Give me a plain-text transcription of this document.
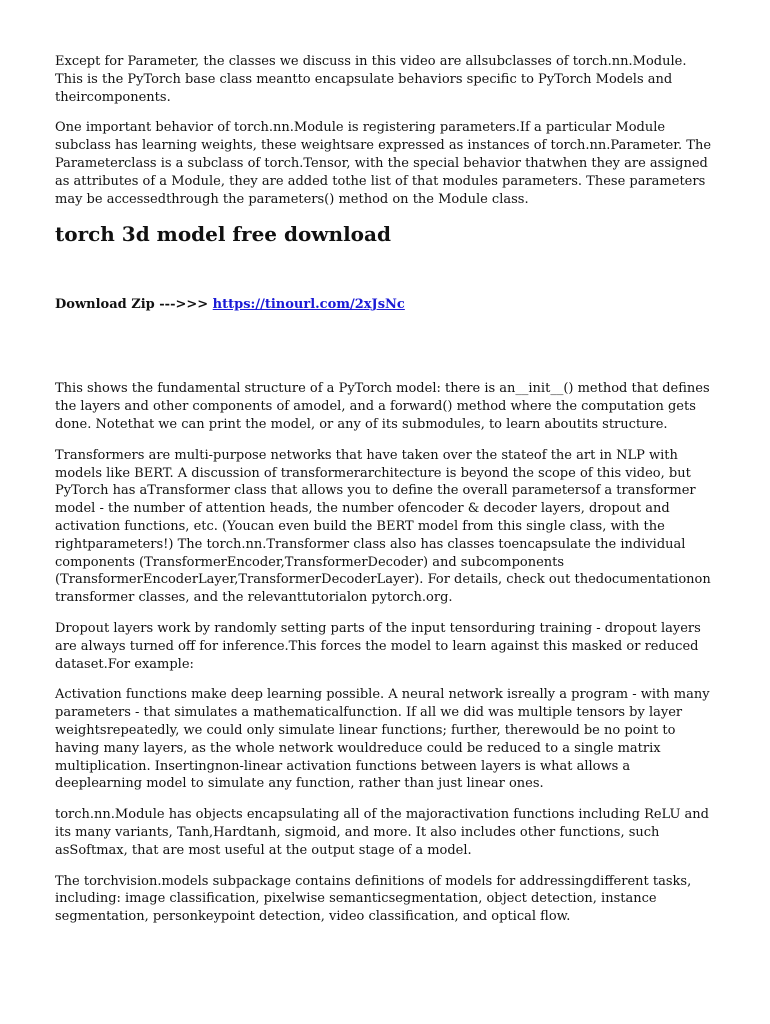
Except for Parameter, the classes we discuss in this video are allsubclasses of torch.nn.Module. This is the PyTorch base class meantto encapsulate behaviors specific to PyTorch Models and theircomponents.

One important behavior of torch.nn.Module is registering parameters.If a particular Module subclass has learning weights, these weightsare expressed as instances of torch.nn.Parameter. The Parameterclass is a subclass of torch.Tensor, with the special behavior thatwhen they are assigned as attributes of a Module, they are added tothe list of that modules parameters. These parameters may be accessedthrough the parameters() method on the Module class.

torch 3d model free download
Download Zip --->>> https://tinourl.com/2xJsNc

This shows the fundamental structure of a PyTorch model: there is an__init__() method that defines the layers and other components of amodel, and a forward() method where the computation gets done. Notethat we can print the model, or any of its submodules, to learn aboutits structure.

Transformers are multi-purpose networks that have taken over the stateof the art in NLP with models like BERT. A discussion of transformerarchitecture is beyond the scope of this video, but PyTorch has aTransformer class that allows you to define the overall parametersof a transformer model - the number of attention heads, the number ofencoder & decoder layers, dropout and activation functions, etc. (Youcan even build the BERT model from this single class, with the rightparameters!) The torch.nn.Transformer class also has classes toencapsulate the individual components (TransformerEncoder,TransformerDecoder) and subcomponents (TransformerEncoderLayer,TransformerDecoderLayer). For details, check out thedocumentationon transformer classes, and the relevanttutorialon pytorch.org.

Dropout layers work by randomly setting parts of the input tensorduring training - dropout layers are always turned off for inference.This forces the model to learn against this masked or reduced dataset.For example:

Activation functions make deep learning possible. A neural network isreally a program - with many parameters - that simulates a mathematicalfunction. If all we did was multiple tensors by layer weightsrepeatedly, we could only simulate linear functions; further, therewould be no point to having many layers, as the whole network wouldreduce could be reduced to a single matrix multiplication. Insertingnon-linear activation functions between layers is what allows a deeplearning model to simulate any function, rather than just linear ones.

torch.nn.Module has objects encapsulating all of the majoractivation functions including ReLU and its many variants, Tanh,Hardtanh, sigmoid, and more. It also includes other functions, such asSoftmax, that are most useful at the output stage of a model.

The torchvision.models subpackage contains definitions of models for addressingdifferent tasks, including: image classification, pixelwise semanticsegmentation, object detection, instance segmentation, personkeypoint detection, video classification, and optical flow.
